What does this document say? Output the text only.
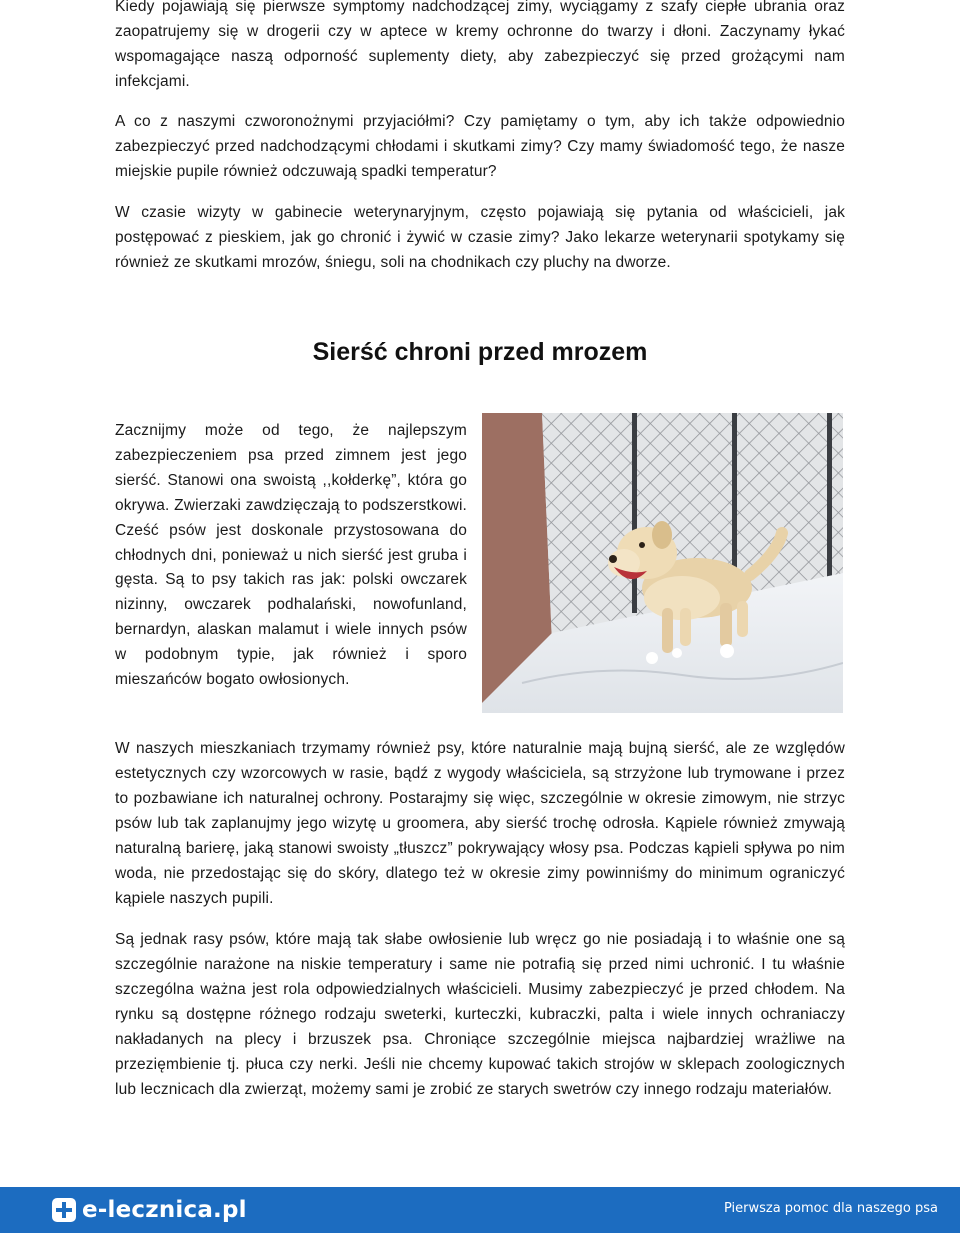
Kiedy pojawiają się pierwsze symptomy nadchodzącej zimy, wyciągamy z szafy ciepłe ubrania oraz zaopatrujemy się w drogerii czy w aptece w kremy ochronne do twarzy i dłoni. Zaczynamy łykać wspomagające naszą odporność suplementy diety, aby zabezpieczyć się przed grożącymi nam infekcjami.

A co z naszymi czworonożnymi przyjaciółmi? Czy pamiętamy o tym, aby ich także odpowiednio zabezpieczyć przed nadchodzącymi chłodami i skutkami zimy? Czy mamy świadomość tego, że nasze miejskie pupile również odczuwają spadki temperatur?

W czasie wizyty w gabinecie weterynaryjnym, często pojawiają się pytania od właścicieli, jak postępować z pieskiem, jak go chronić i żywić w czasie zimy? Jako lekarze weterynarii spotykamy się również ze skutkami mrozów, śniegu, soli na chodnikach czy pluchy na dworze.

Sierść chroni przed mrozem

Zacznijmy może od tego, że najlepszym zabezpieczeniem psa przed zimnem jest jego sierść. Stanowi ona swoistą ,,kołderkę”, która go okrywa. Zwierzaki zawdzięczają to podszerstkowi. Cześć psów jest doskonale przystosowana do chłodnych dni, ponieważ u nich sierść jest gruba i gęsta. Są to psy takich ras jak: polski owczarek nizinny, owczarek podhalański, nowofunland, bernardyn, alaskan malamut i wiele innych psów w podobnym typie, jak również i sporo mieszańców bogato owłosionych.

W naszych mieszkaniach trzymamy również psy, które naturalnie mają bujną sierść, ale ze względów estetycznych czy wzorcowych w rasie, bądź z wygody właściciela, są strzyżone lub trymowane i przez to pozbawiane ich naturalnej ochrony. Postarajmy się więc, szczególnie w okresie zimowym, nie strzyc psów lub tak zaplanujmy jego wizytę u groomera, aby sierść trochę odrosła. Kąpiele również zmywają naturalną barierę, jaką stanowi swoisty „tłuszcz” pokrywający włosy psa. Podczas kąpieli spływa po nim woda, nie przedostając się do skóry, dlatego też w okresie zimy powinniśmy do minimum ograniczyć kąpiele naszych pupili.

Są jednak rasy psów, które mają tak słabe owłosienie lub wręcz go nie posiadają i to właśnie one są szczególnie narażone na niskie temperatury i same nie potrafią się przed nimi uchronić. I tu właśnie szczególna ważna jest rola odpowiedzialnych właścicieli. Musimy zabezpieczyć je przed chłodem. Na rynku są dostępne różnego rodzaju sweterki, kurteczki, kubraczki, palta i wiele innych ochraniaczy nakładanych na plecy i brzuszek psa. Chroniące szczególnie miejsca najbardziej wrażliwe na przezięmbienie tj. płuca czy nerki. Jeśli nie chcemy kupować takich strojów w sklepach zoologicznych lub lecznicach dla zwierząt, możemy sami je zrobić ze starych swetrów czy innego rodzaju materiałów.

e-lecznica.pl	Pierwsza pomoc dla naszego psa
